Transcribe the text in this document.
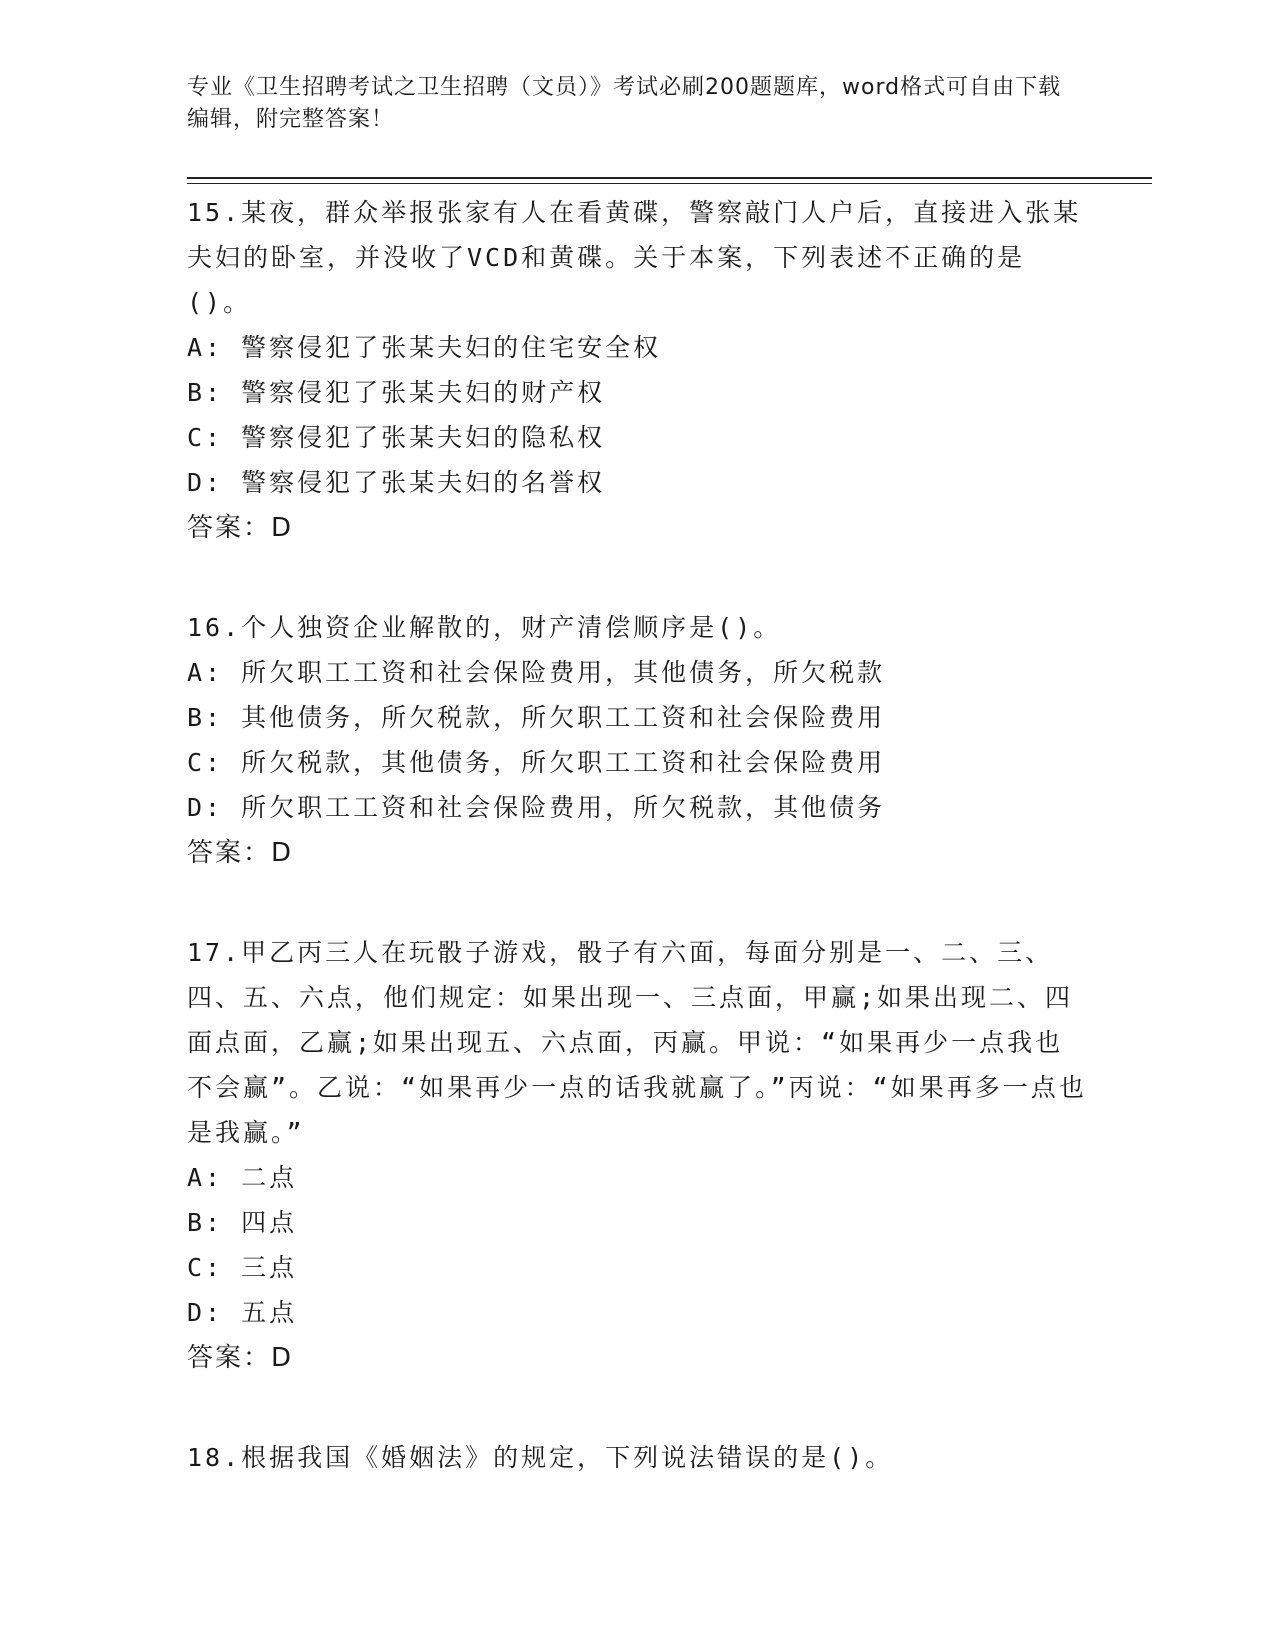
专业《卫生招聘考试之卫生招聘（文员）》考试必刷200题题库，word格式可自由下载编辑，附完整答案！

15.某夜，群众举报张家有人在看黄碟，警察敲门人户后，直接进入张某夫妇的卧室，并没收了VCD和黄碟。关于本案，下列表述不正确的是()。

A: 警察侵犯了张某夫妇的住宅安全权

B: 警察侵犯了张某夫妇的财产权

C: 警察侵犯了张某夫妇的隐私权

D: 警察侵犯了张某夫妇的名誉权

答案：D

16.个人独资企业解散的，财产清偿顺序是()。

A: 所欠职工工资和社会保险费用，其他债务，所欠税款

B: 其他债务，所欠税款，所欠职工工资和社会保险费用

C: 所欠税款，其他债务，所欠职工工资和社会保险费用

D: 所欠职工工资和社会保险费用，所欠税款，其他债务

答案：D

17.甲乙丙三人在玩骰子游戏，骰子有六面，每面分别是一、二、三、四、五、六点，他们规定：如果出现一、三点面，甲赢;如果出现二、四面点面，乙赢;如果出现五、六点面，丙赢。甲说：“如果再少一点我也不会赢”。乙说：“如果再少一点的话我就赢了。”丙说：“如果再多一点也是我赢。”

A: 二点

B: 四点

C: 三点

D: 五点

答案：D

18.根据我国《婚姻法》的规定，下列说法错误的是()。
